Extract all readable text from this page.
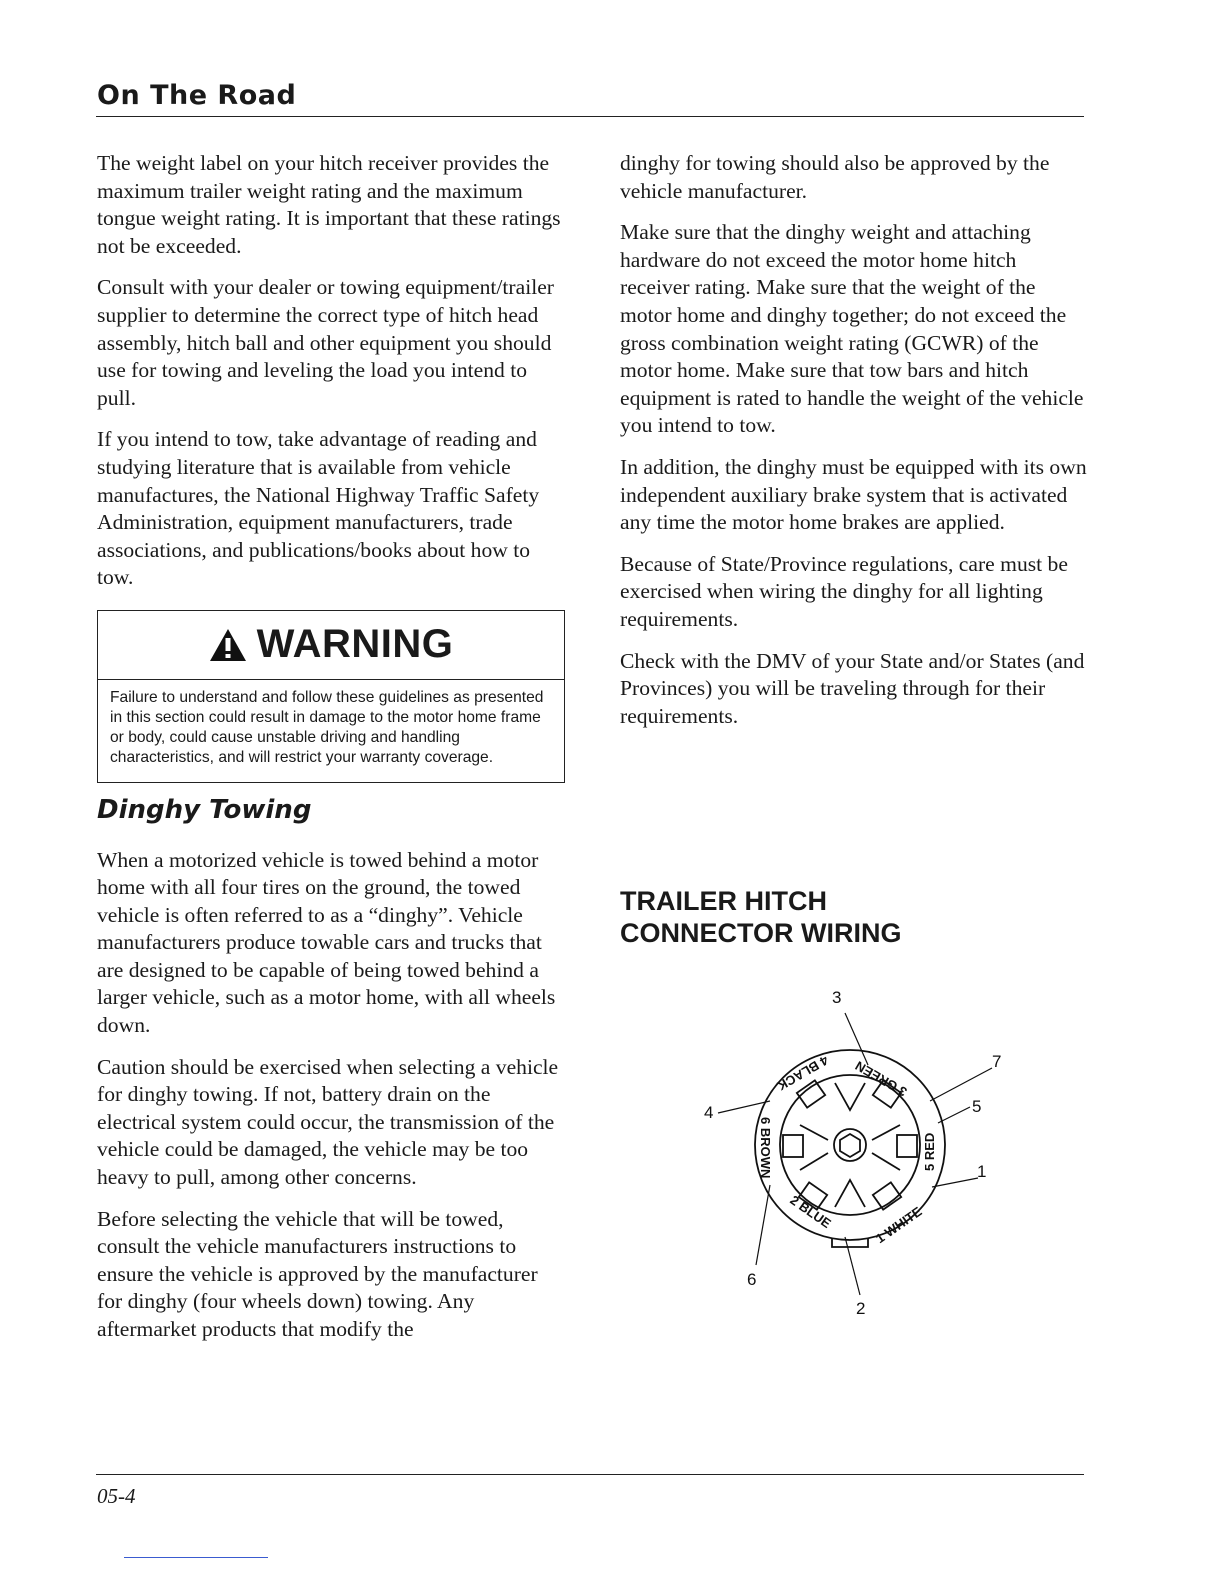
On The Road

The weight label on your hitch receiver provides the maximum trailer weight rating and the maximum tongue weight rating. It is important that these ratings not be exceeded.

Consult with your dealer or towing equipment/trailer supplier to determine the correct type of hitch head assembly, hitch ball and other equipment you should use for towing and leveling the load you intend to pull.

If you intend to tow, take advantage of reading and studying literature that is available from vehicle manufactures, the National Highway Traffic Safety Administration, equipment manufacturers, trade associations, and publications/books about how to tow.

WARNING
Failure to understand and follow these guidelines as presented in this section could result in damage to the motor home frame or body, could cause unstable driving and handling characteristics, and will restrict your warranty coverage.
Dinghy Towing

When a motorized vehicle is towed behind a motor home with all four tires on the ground, the towed vehicle is often referred to as a “dinghy”. Vehicle manufacturers produce towable cars and trucks that are designed to be capable of being towed behind a larger vehicle, such as a motor home, with all wheels down.

Caution should be exercised when selecting a vehicle for dinghy towing. If not, battery drain on the electrical system could occur, the transmission of the vehicle could be damaged, the vehicle may be too heavy to pull, among other concerns.

Before selecting the vehicle that will be towed, consult the vehicle manufacturers instructions to ensure the vehicle is approved by the manufacturer for dinghy (four wheels down) towing. Any aftermarket products that modify the

dinghy for towing should also be approved by the vehicle manufacturer.

Make sure that the dinghy weight and attaching hardware do not exceed the motor home hitch receiver rating. Make sure that the weight of the motor home and dinghy together; do not exceed the gross combination weight rating (GCWR) of the motor home. Make sure that tow bars and hitch equipment is rated to handle the weight of the vehicle you intend to tow.

In addition, the dinghy must be equipped with its own independent auxiliary brake system that is activated any time the motor home brakes are applied.

Because of State/Province regulations, care must be exercised when wiring the dinghy for all lighting requirements.

Check with the DMV of your State and/or States (and Provinces) you will be traveling through for their requirements.

TRAILER HITCH
CONNECTOR WIRING
3
7
4	5
1
6
2
4 BLACK 3 GREEN
6 BROWN	5 RED
2 BLUE	1 WHITE
05-4
